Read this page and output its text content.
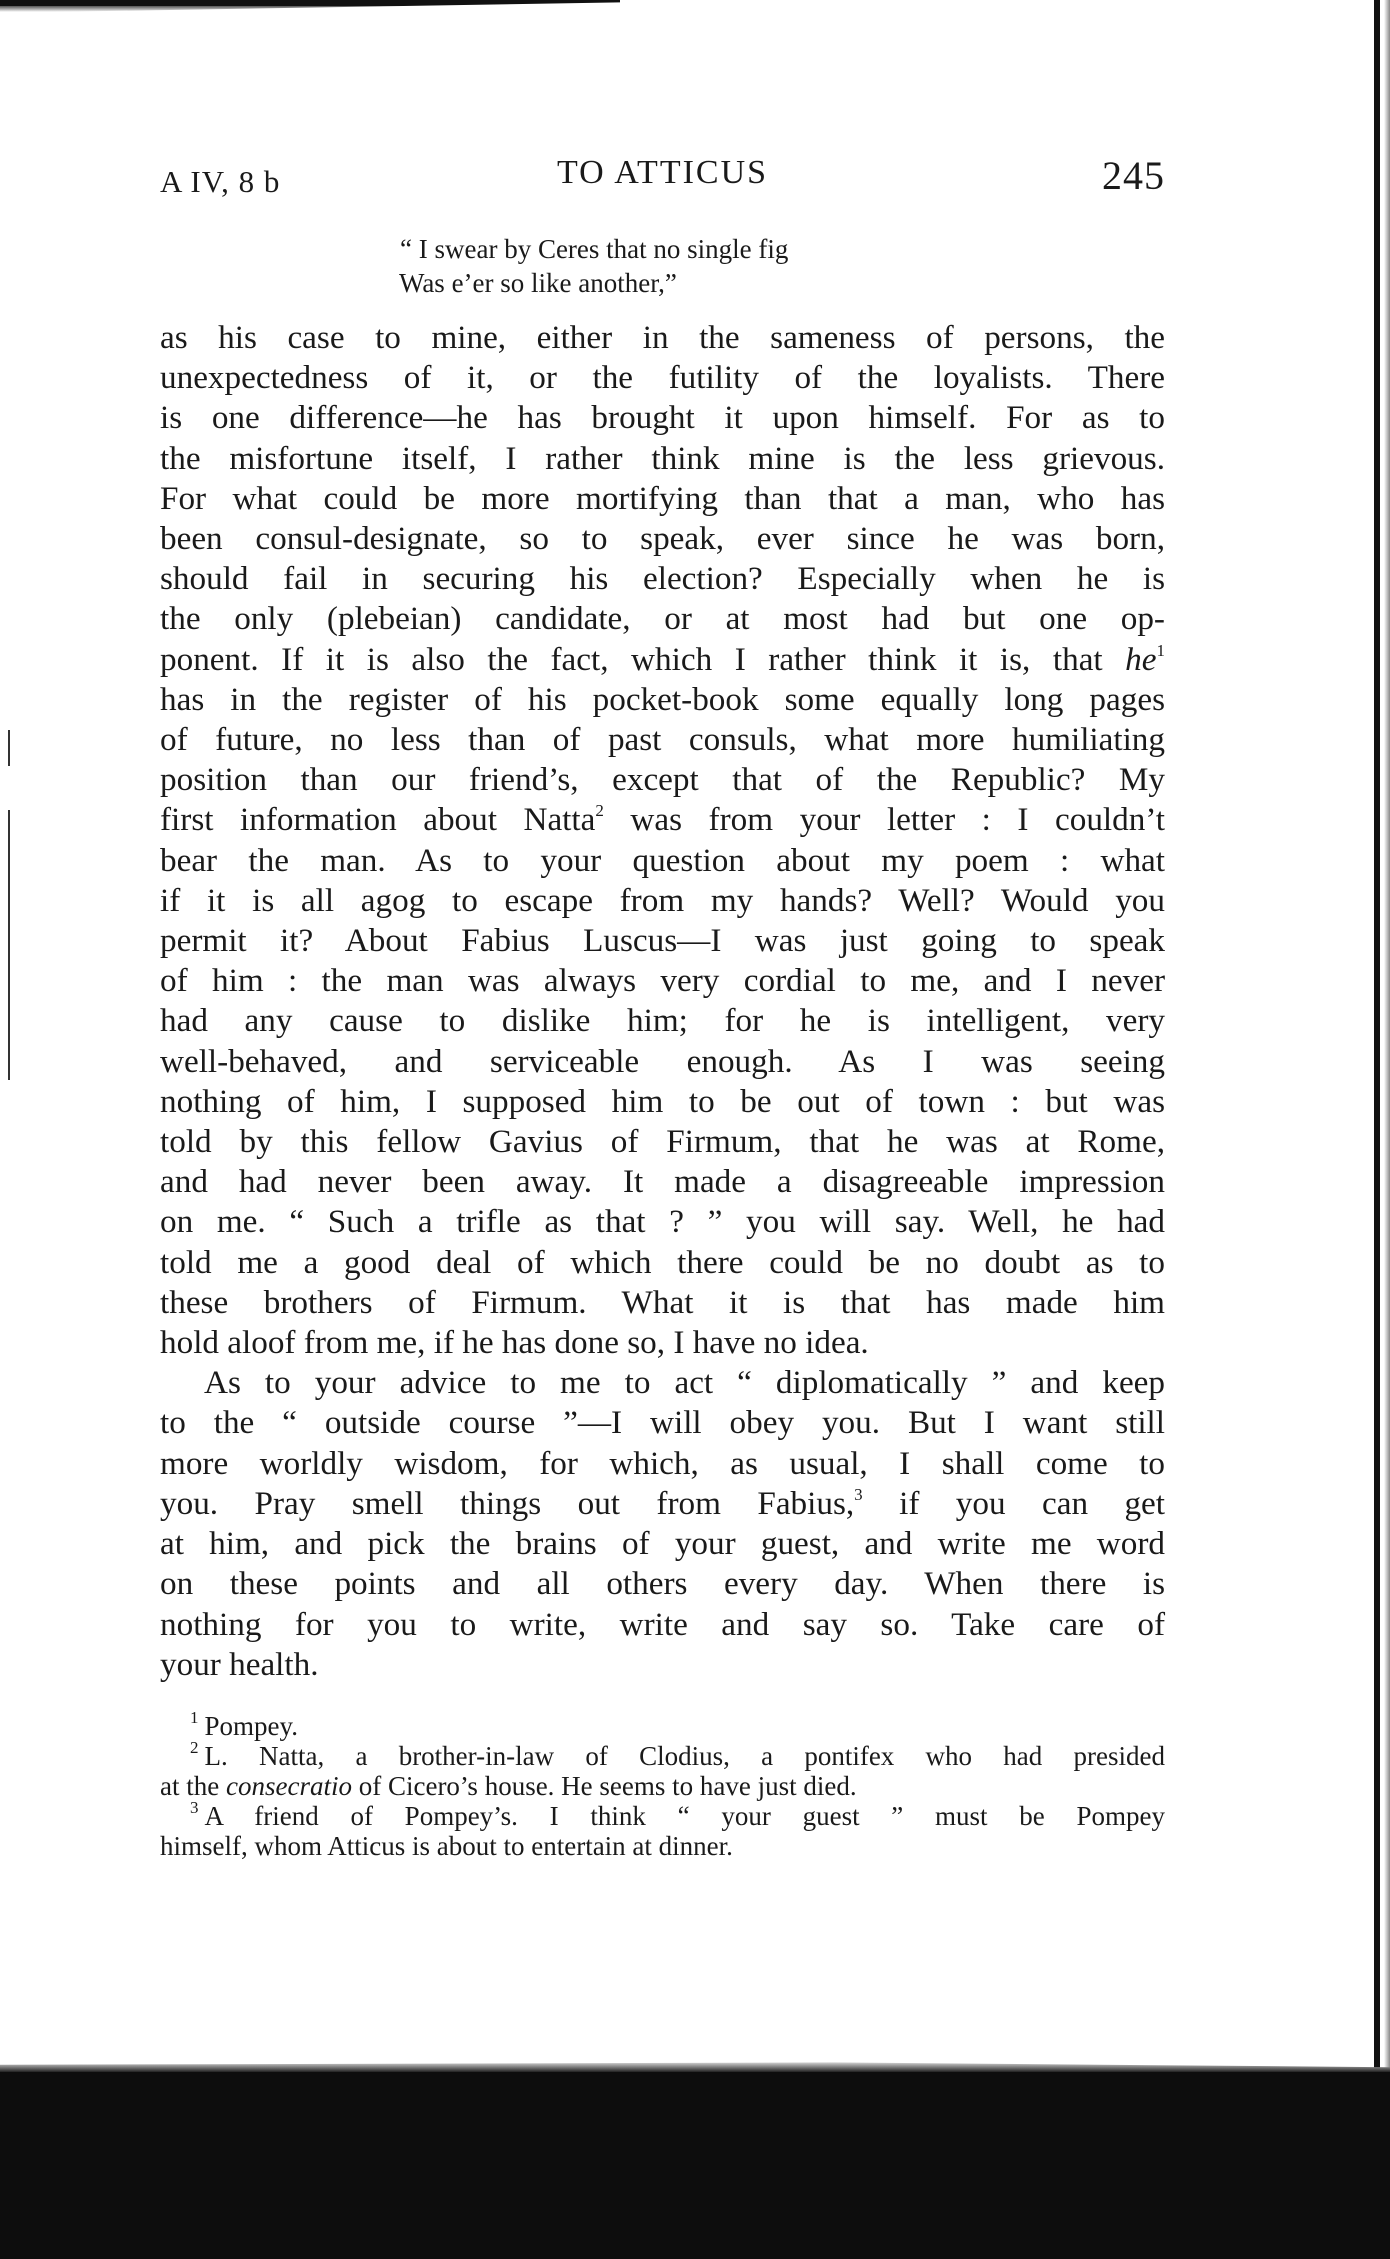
A IV, 8 b	TO ATTICUS	245
“ I swear by Ceres that no single fig
Was e’er so like another,”

as his case to mine, either in the sameness of persons, the
unexpectedness of it, or the futility of the loyalists. There
is one difference—he has brought it upon himself. For as to
the misfortune itself, I rather think mine is the less grievous.
For what could be more mortifying than that a man, who has
been consul-designate, so to speak, ever since he was born,
should fail in securing his election? Especially when he is
the only (plebeian) candidate, or at most had but one op-
ponent. If it is also the fact, which I rather think it is, that $he^1$
has in the register of his pocket-book some equally long pages
of future, no less than of past consuls, what more humiliating
position than our friend’s, except that of the Republic? My
first information about Natta$^2$ was from your letter : I couldn’t
bear the man. As to your question about my poem : what
if it is all agog to escape from my hands? Well? Would you
permit it? About Fabius Luscus—I was just going to speak
of him : the man was always very cordial to me, and I never
had any cause to dislike him; for he is intelligent, very
well-behaved, and serviceable enough. As I was seeing
nothing of him, I supposed him to be out of town : but was
told by this fellow Gavius of Firmum, that he was at Rome,
and had never been away. It made a disagreeable impression
on me. “ Such a trifle as that ? ” you will say. Well, he had
told me a good deal of which there could be no doubt as to
these brothers of Firmum. What it is that has made him
hold aloof from me, if he has done so, I have no idea.

As to your advice to me to act “ diplomatically ” and keep
to the “ outside course ”—I will obey you. But I want still
more worldly wisdom, for which, as usual, I shall come to
you. Pray smell things out from Fabius,$^3$ if you can get
at him, and pick the brains of your guest, and write me word
on these points and all others every day. When there is
nothing for you to write, write and say so. Take care of
your health.

$^1$ Pompey.
$^2$ L. Natta, a brother-in-law of Clodius, a pontifex who had presided
at the consecratio of Cicero’s house. He seems to have just died.
$^3$ A friend of Pompey’s. I think “ your guest ” must be Pompey
himself, whom Atticus is about to entertain at dinner.
